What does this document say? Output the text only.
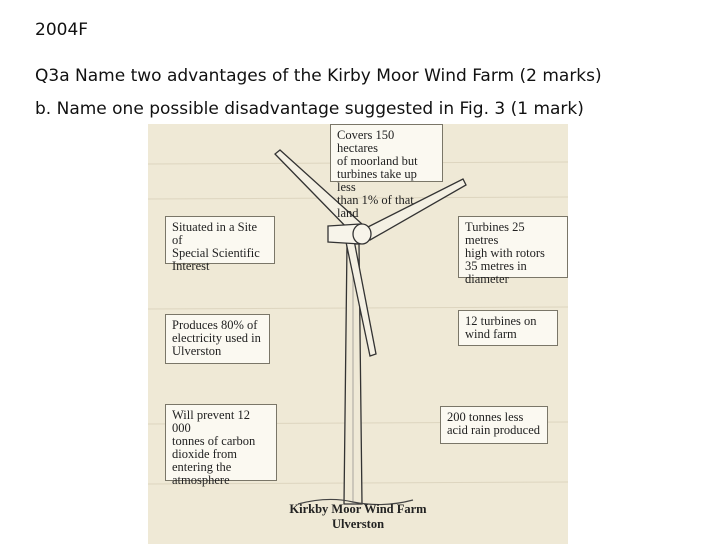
2004F

Q3a Name two advantages of the Kirby Moor Wind Farm (2 marks)

b. Name one possible disadvantage suggested in Fig. 3 (1 mark)

Covers 150 hectares
of moorland but
turbines take up less
than 1% of that land
Situated in a Site of
Special Scientific
Interest
Turbines 25 metres
high with rotors
35 metres in
diameter
Produces 80% of
electricity used in
Ulverston
12 turbines on
wind farm
Will prevent 12 000
tonnes of carbon
dioxide from
entering the
atmosphere
200 tonnes less
acid rain produced

Kirkby Moor Wind Farm

Ulverston
